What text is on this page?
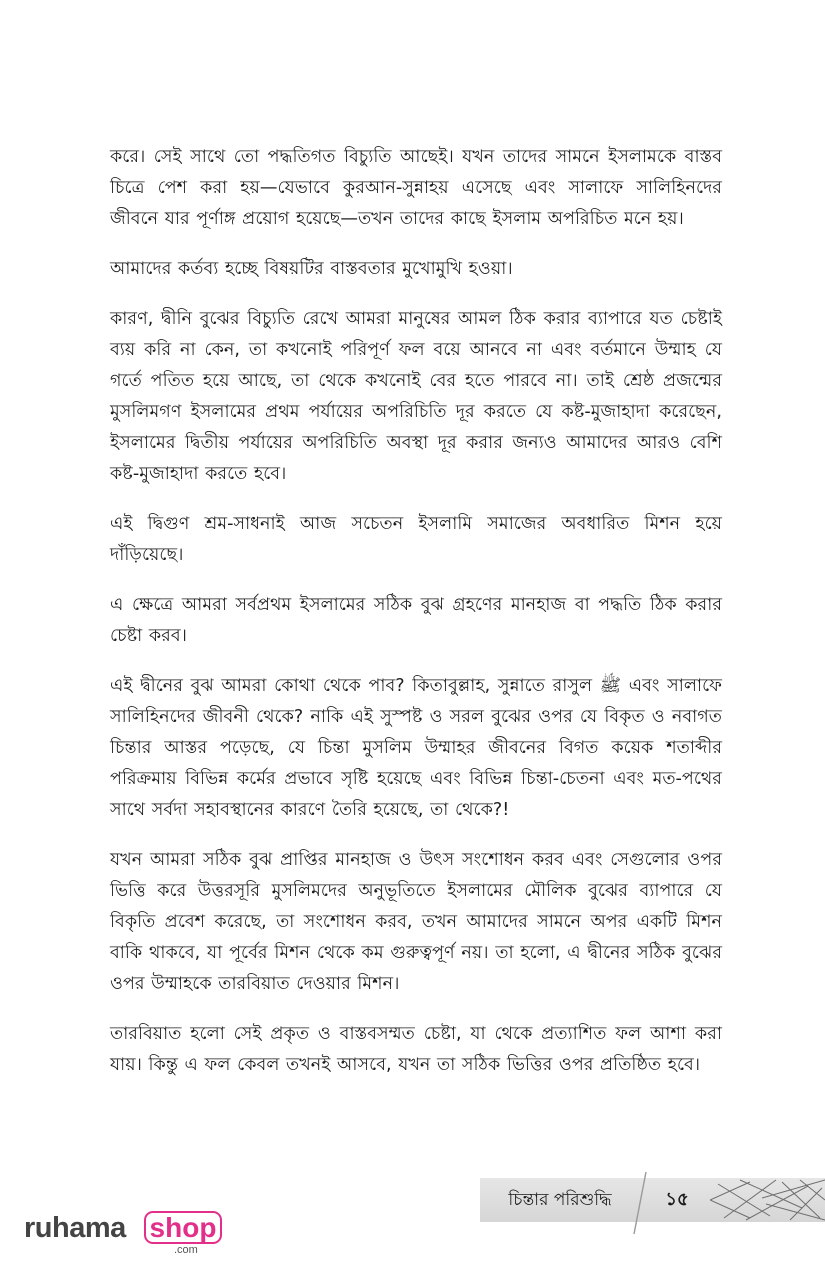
করে। সেই সাথে তো পদ্ধতিগত বিচ্যুতি আছেই। যখন তাদের সামনে ইসলামকে বাস্তব চিত্রে পেশ করা হয়—যেভাবে কুরআন-সুন্নাহয় এসেছে এবং সালাফে সালিহিনদের জীবনে যার পূর্ণাঙ্গ প্রয়োগ হয়েছে—তখন তাদের কাছে ইসলাম অপরিচিত মনে হয়।

আমাদের কর্তব্য হচ্ছে বিষয়টির বাস্তবতার মুখোমুখি হওয়া।

কারণ, দ্বীনি বুঝের বিচ্যুতি রেখে আমরা মানুষের আমল ঠিক করার ব্যাপারে যত চেষ্টাই ব্যয় করি না কেন, তা কখনোই পরিপূর্ণ ফল বয়ে আনবে না এবং বর্তমানে উম্মাহ যে গর্তে পতিত হয়ে আছে, তা থেকে কখনোই বের হতে পারবে না। তাই শ্রেষ্ঠ প্রজন্মের মুসলিমগণ ইসলামের প্রথম পর্যায়ের অপরিচিতি দূর করতে যে কষ্ট-মুজাহাদা করেছেন, ইসলামের দ্বিতীয় পর্যায়ের অপরিচিতি অবস্থা দূর করার জন্যও আমাদের আরও বেশি কষ্ট-মুজাহাদা করতে হবে।

এই দ্বিগুণ শ্রম-সাধনাই আজ সচেতন ইসলামি সমাজের অবধারিত মিশন হয়ে দাঁড়িয়েছে।

এ ক্ষেত্রে আমরা সর্বপ্রথম ইসলামের সঠিক বুঝ গ্রহণের মানহাজ বা পদ্ধতি ঠিক করার চেষ্টা করব।

এই দ্বীনের বুঝ আমরা কোথা থেকে পাব? কিতাবুল্লাহ, সুন্নাতে রাসুল ﷺ এবং সালাফে সালিহিনদের জীবনী থেকে? নাকি এই সুস্পষ্ট ও সরল বুঝের ওপর যে বিকৃত ও নবাগত চিন্তার আস্তর পড়েছে, যে চিন্তা মুসলিম উম্মাহর জীবনের বিগত কয়েক শতাব্দীর পরিক্রমায় বিভিন্ন কর্মের প্রভাবে সৃষ্টি হয়েছে এবং বিভিন্ন চিন্তা-চেতনা এবং মত-পথের সাথে সর্বদা সহাবস্থানের কারণে তৈরি হয়েছে, তা থেকে?!

যখন আমরা সঠিক বুঝ প্রাপ্তির মানহাজ ও উৎস সংশোধন করব এবং সেগুলোর ওপর ভিত্তি করে উত্তরসূরি মুসলিমদের অনুভূতিতে ইসলামের মৌলিক বুঝের ব্যাপারে যে বিকৃতি প্রবেশ করেছে, তা সংশোধন করব, তখন আমাদের সামনে অপর একটি মিশন বাকি থাকবে, যা পূর্বের মিশন থেকে কম গুরুত্বপূর্ণ নয়। তা হলো, এ দ্বীনের সঠিক বুঝের ওপর উম্মাহকে তারবিয়াত দেওয়ার মিশন।

তারবিয়াত হলো সেই প্রকৃত ও বাস্তবসম্মত চেষ্টা, যা থেকে প্রত্যাশিত ফল আশা করা যায়। কিন্তু এ ফল কেবল তখনই আসবে, যখন তা সঠিক ভিত্তির ওপর প্রতিষ্ঠিত হবে।

চিন্তার পরিশুদ্ধি	১৫
ruhama shop
.com
